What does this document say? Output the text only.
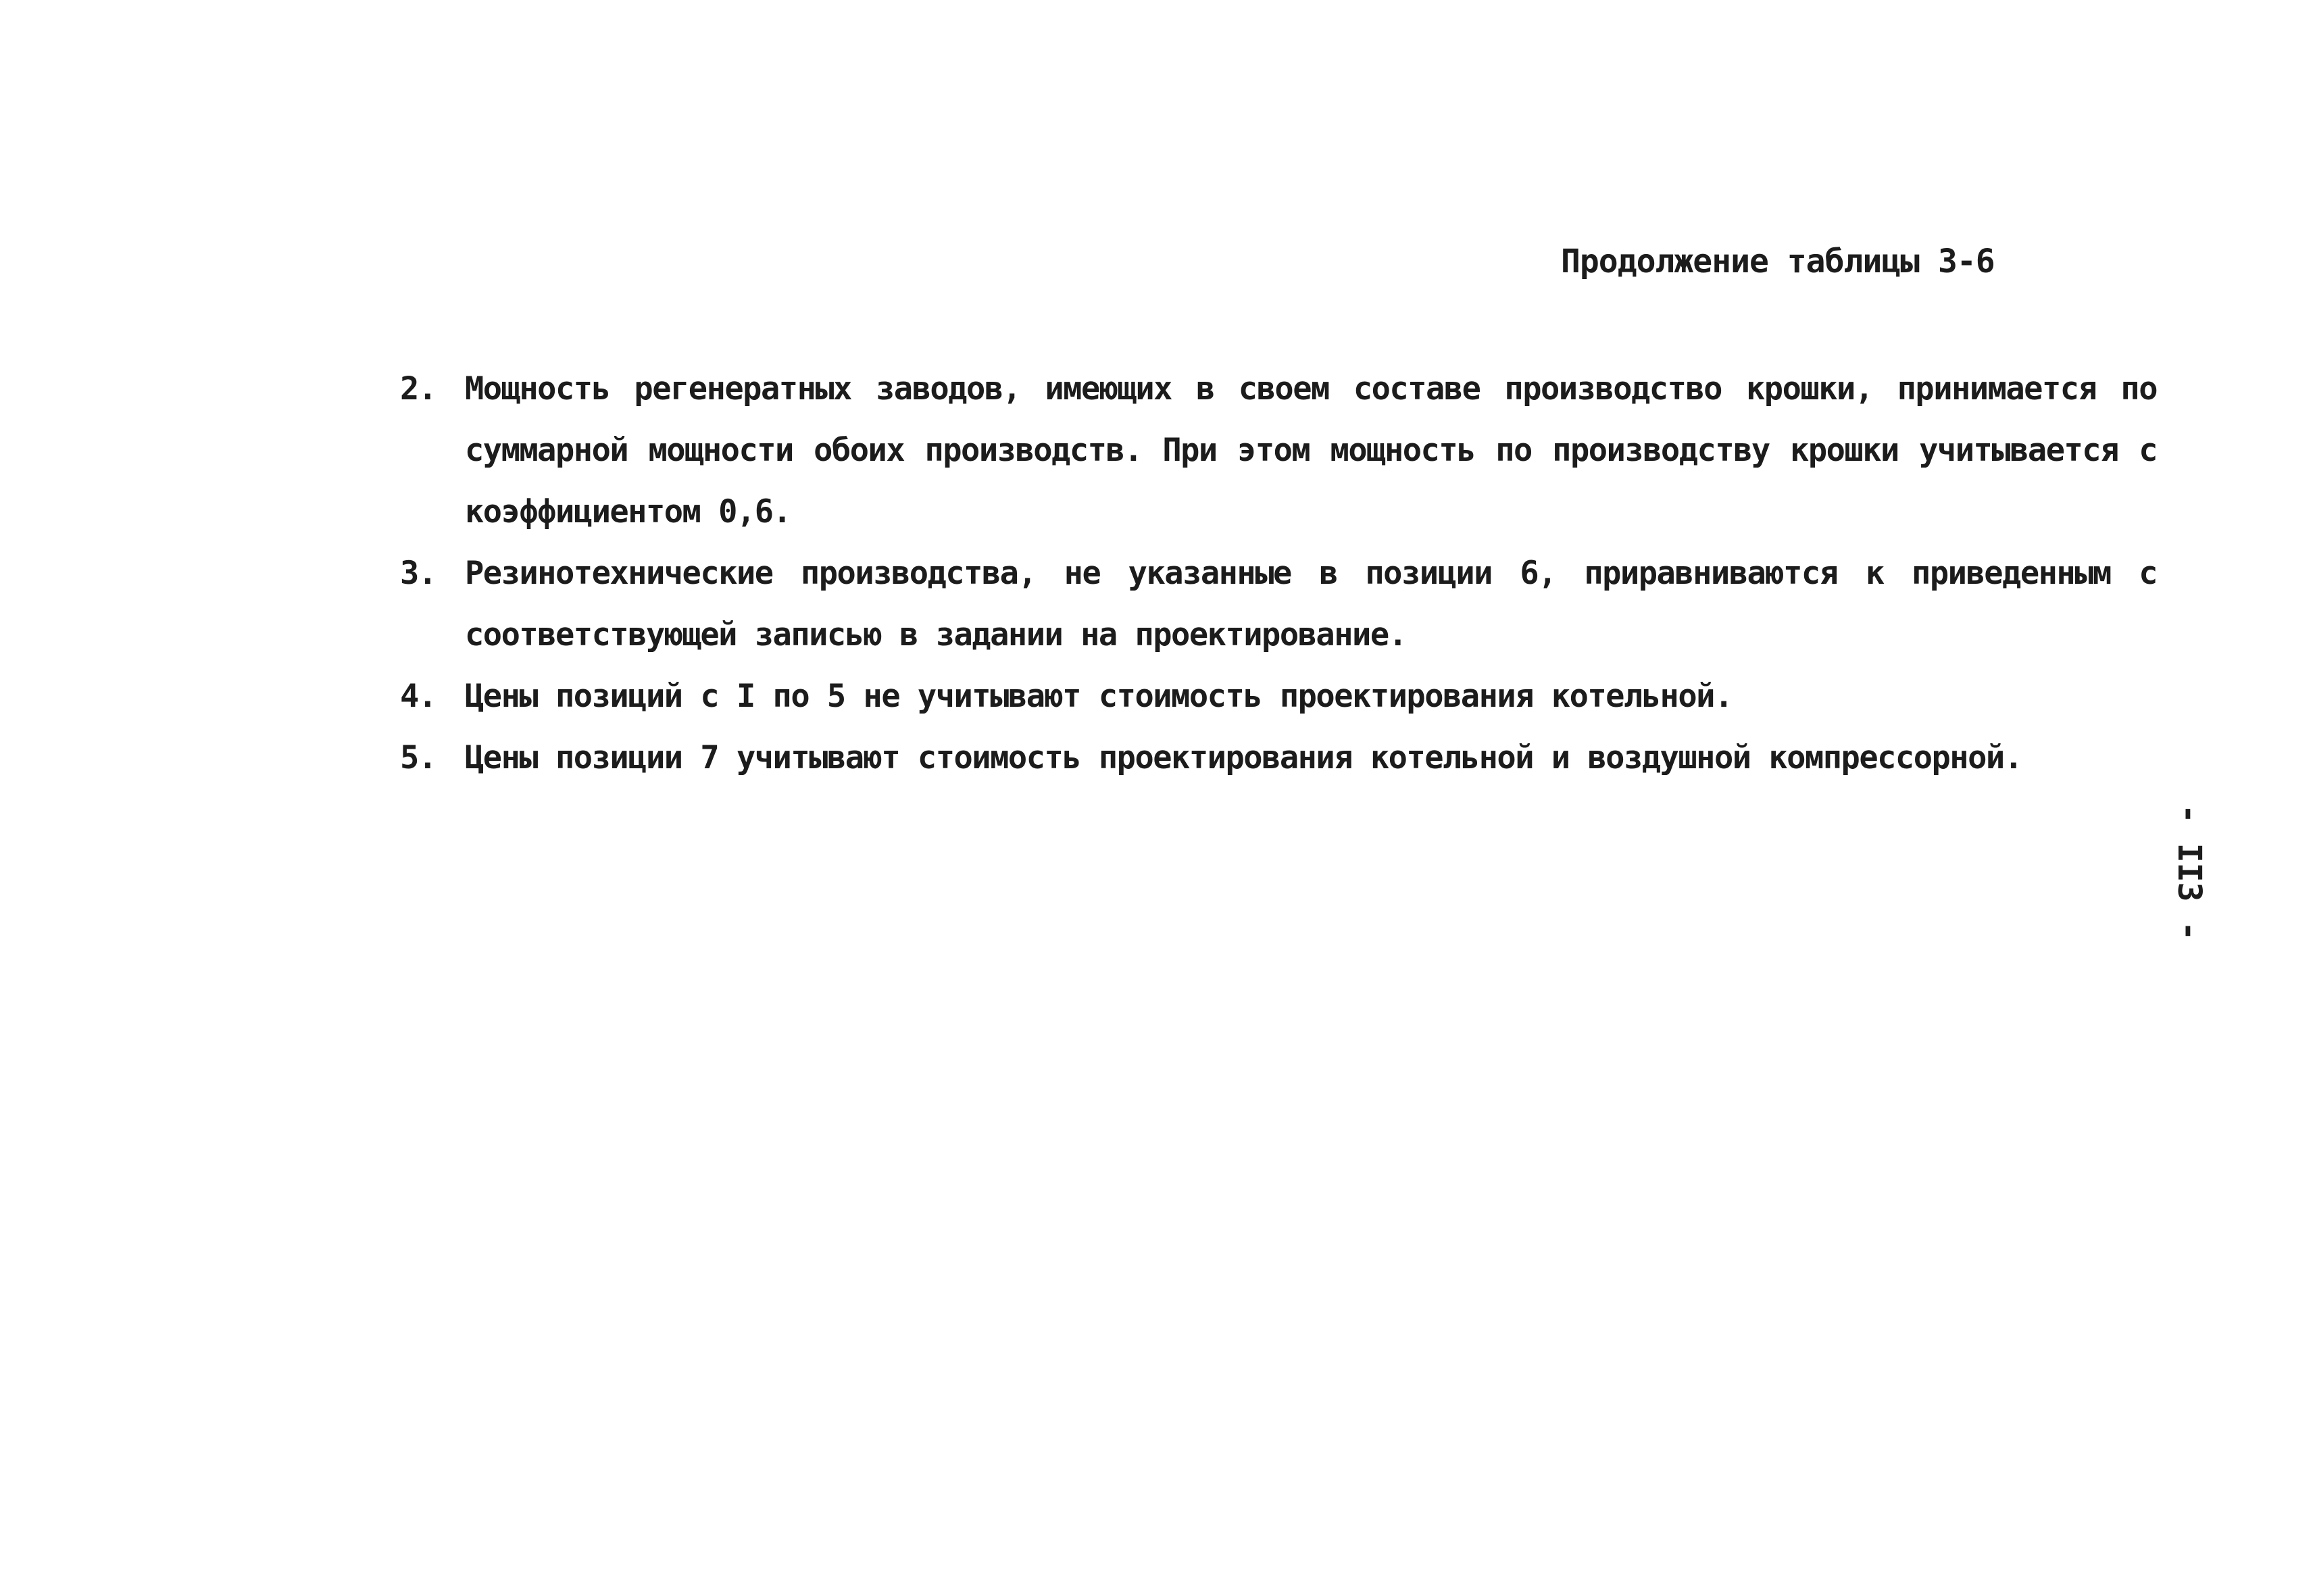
Продолжение таблицы 3-6

2. Мощность регенератных заводов, имеющих в своем составе производство крошки, принимается по суммарной мощности обоих производств. При этом мощность по производству крошки учитывается с коэффициентом 0,6.

3. Резинотехнические производства, не указанные в позиции 6, приравниваются к приведенным с соответствующей записью в задании на проектирование.

4. Цены позиций с I по 5 не учитывают стоимость проектирования котельной.

5. Цены позиции 7 учитывают стоимость проектирования котельной и воздушной компрессорной.

- II3 -
